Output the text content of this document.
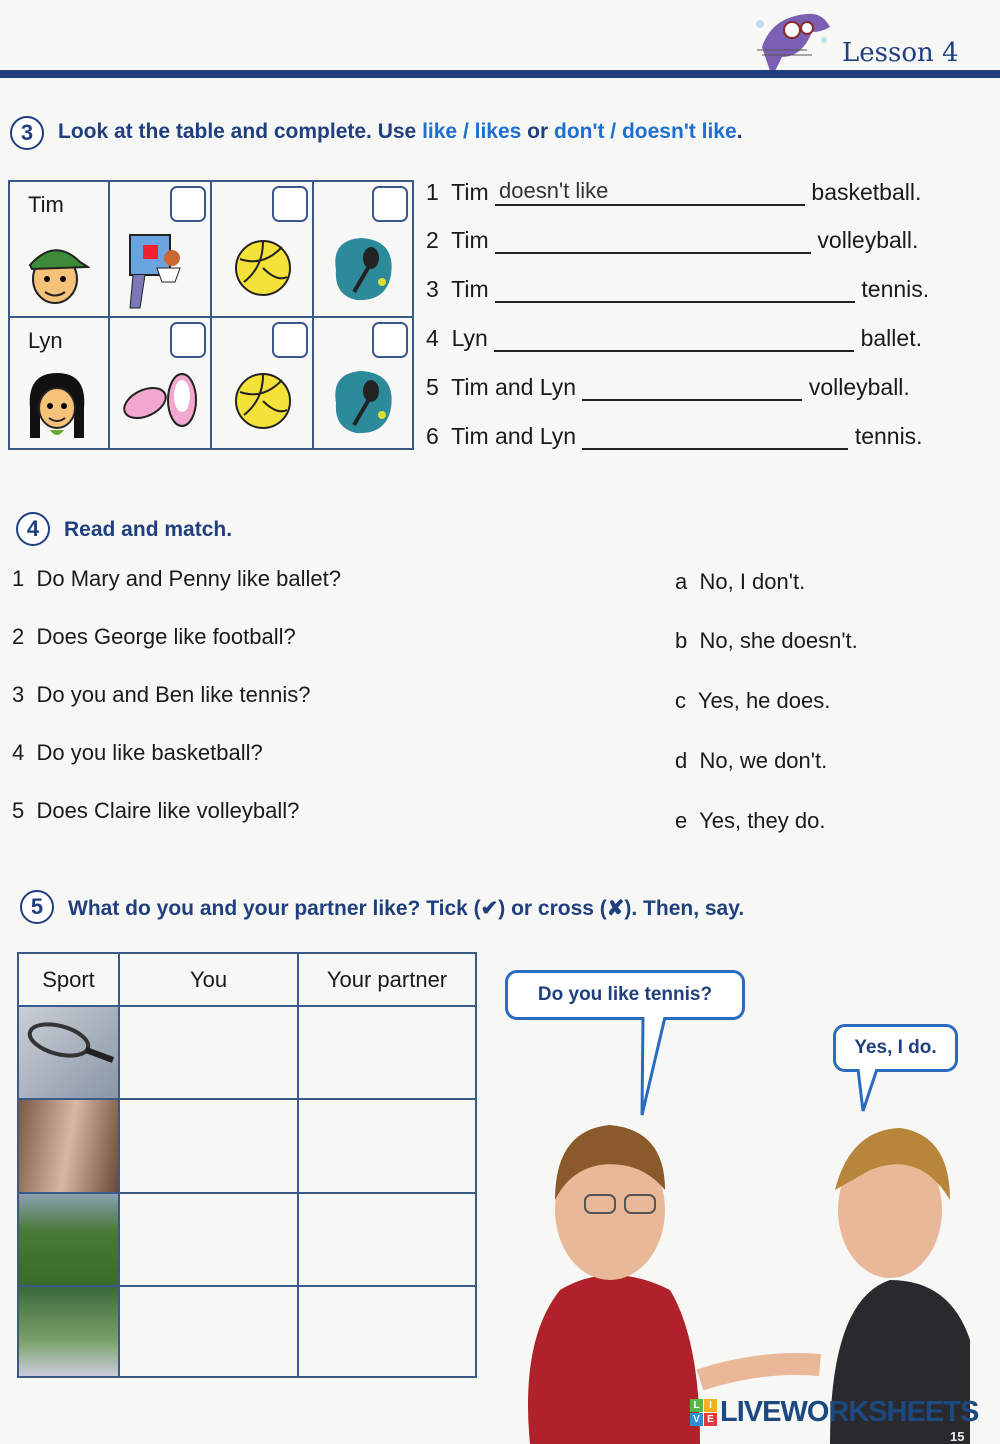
Lesson 4
3	Look at the table and complete. Use like / likes or don't / doesn't like.
Tim

Lyn

1 Tim doesn't like	basketball.
2 Tim	volleyball.
3 Tim	tennis.
4 Lyn	ballet.
5 Tim and Lyn	volleyball.
6 Tim and Lyn	tennis.
4	Read and match.
1 Do Mary and Penny like ballet?
2 Does George like football?
3 Do you and Ben like tennis?
4 Do you like basketball?
5 Does Claire like volleyball?
a No, I don't.
b No, she doesn't.
c Yes, he does.
d No, we don't.
e Yes, they do.
5	What do you and your partner like? Tick (✔) or cross (✘). Then, say.
Sport	You	Your partner

Do you like tennis?
Yes, I do.
L I
V E LIVEWORKSHEETS
15
